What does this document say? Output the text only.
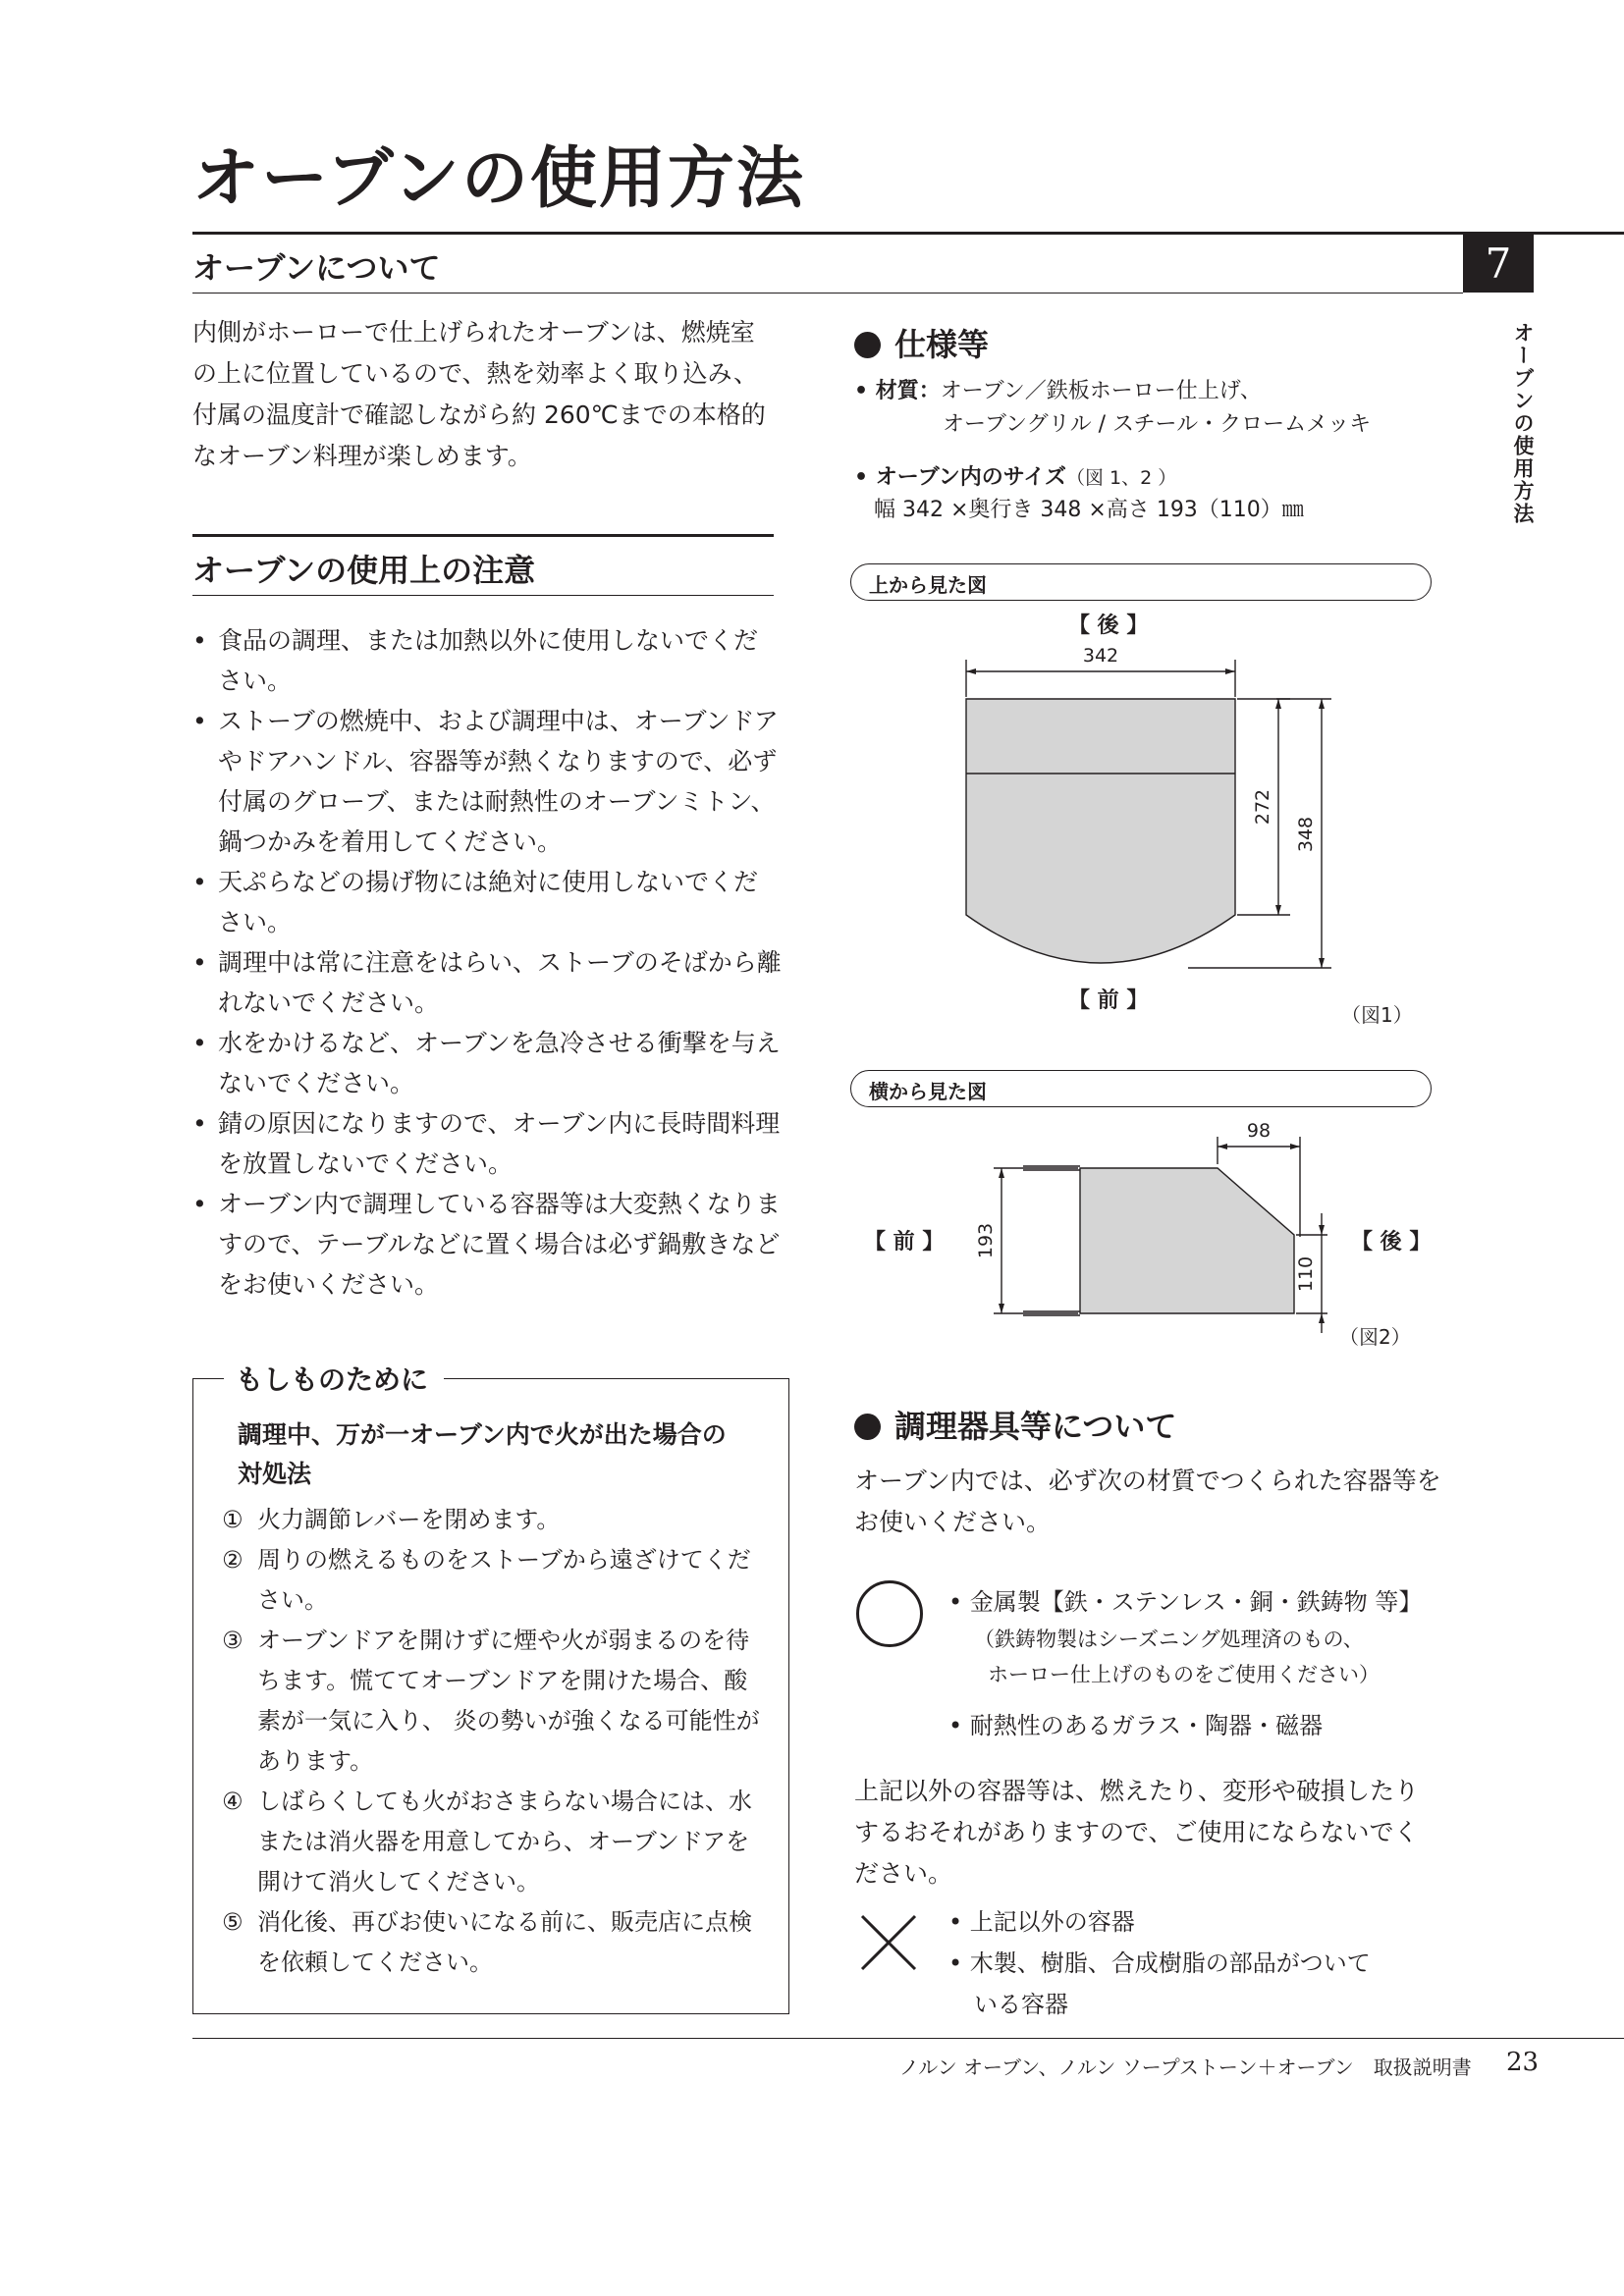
オーブンの使用方法
オーブンについて	7
オーブンの使用方法
内側がホーローで仕上げられたオーブンは、燃焼室の上に位置しているので、熱を効率よく取り込み、付属の温度計で確認しながら約 260℃までの本格的なオーブン料理が楽しめます。
オーブンの使用上の注意
• 食品の調理、または加熱以外に使用しないでください。
• ストーブの燃焼中、および調理中は、オーブンドアやドアハンドル、容器等が熱くなりますので、必ず付属のグローブ、または耐熱性のオーブンミトン、鍋つかみを着用してください。
• 天ぷらなどの揚げ物には絶対に使用しないでください。
• 調理中は常に注意をはらい、ストーブのそばから離れないでください。
• 水をかけるなど、オーブンを急冷させる衝撃を与えないでください。
• 錆の原因になりますので、オーブン内に長時間料理を放置しないでください。
• オーブン内で調理している容器等は大変熱くなりますので、テーブルなどに置く場合は必ず鍋敷きなどをお使いください。
もしものために
調理中、万が一オーブン内で火が出た場合の
対処法
① 火力調節レバーを閉めます。
② 周りの燃えるものをストーブから遠ざけてください。
③ オーブンドアを開けずに煙や火が弱まるのを待ちます。慌ててオーブンドアを開けた場合、酸素が一気に入り、 炎の勢いが強くなる可能性があります。
④ しばらくしても火がおさまらない場合には、水または消火器を用意してから、オーブンドアを開けて消火してください。
⑤ 消化後、再びお使いになる前に、販売店に点検を依頼してください。
仕様等
• 材質：オーブン／鉄板ホーロー仕上げ、
オーブングリル / スチール・クロームメッキ
• オーブン内のサイズ（図 1、2 ）
幅 342 ×奥行き 348 ×高さ 193（110）㎜
上から見た図
【 後 】
【 前 】
（図1）
342
272
348
横から見た図
【 前 】	【 後 】
（図2）
98
193
110
調理器具等について
オーブン内では、必ず次の材質でつくられた容器等をお使いください。
• 金属製【鉄・ステンレス・銅・鉄鋳物 等】
（鉄鋳物製はシーズニング処理済のもの、
ホーロー仕上げのものをご使用ください）
• 耐熱性のあるガラス・陶器・磁器
上記以外の容器等は、燃えたり、変形や破損したりするおそれがありますので、ご使用にならないでください。
• 上記以外の容器
• 木製、樹脂、合成樹脂の部品がついて
いる容器
ノルン オーブン、ノルン ソープストーン＋オーブン　取扱説明書 23
